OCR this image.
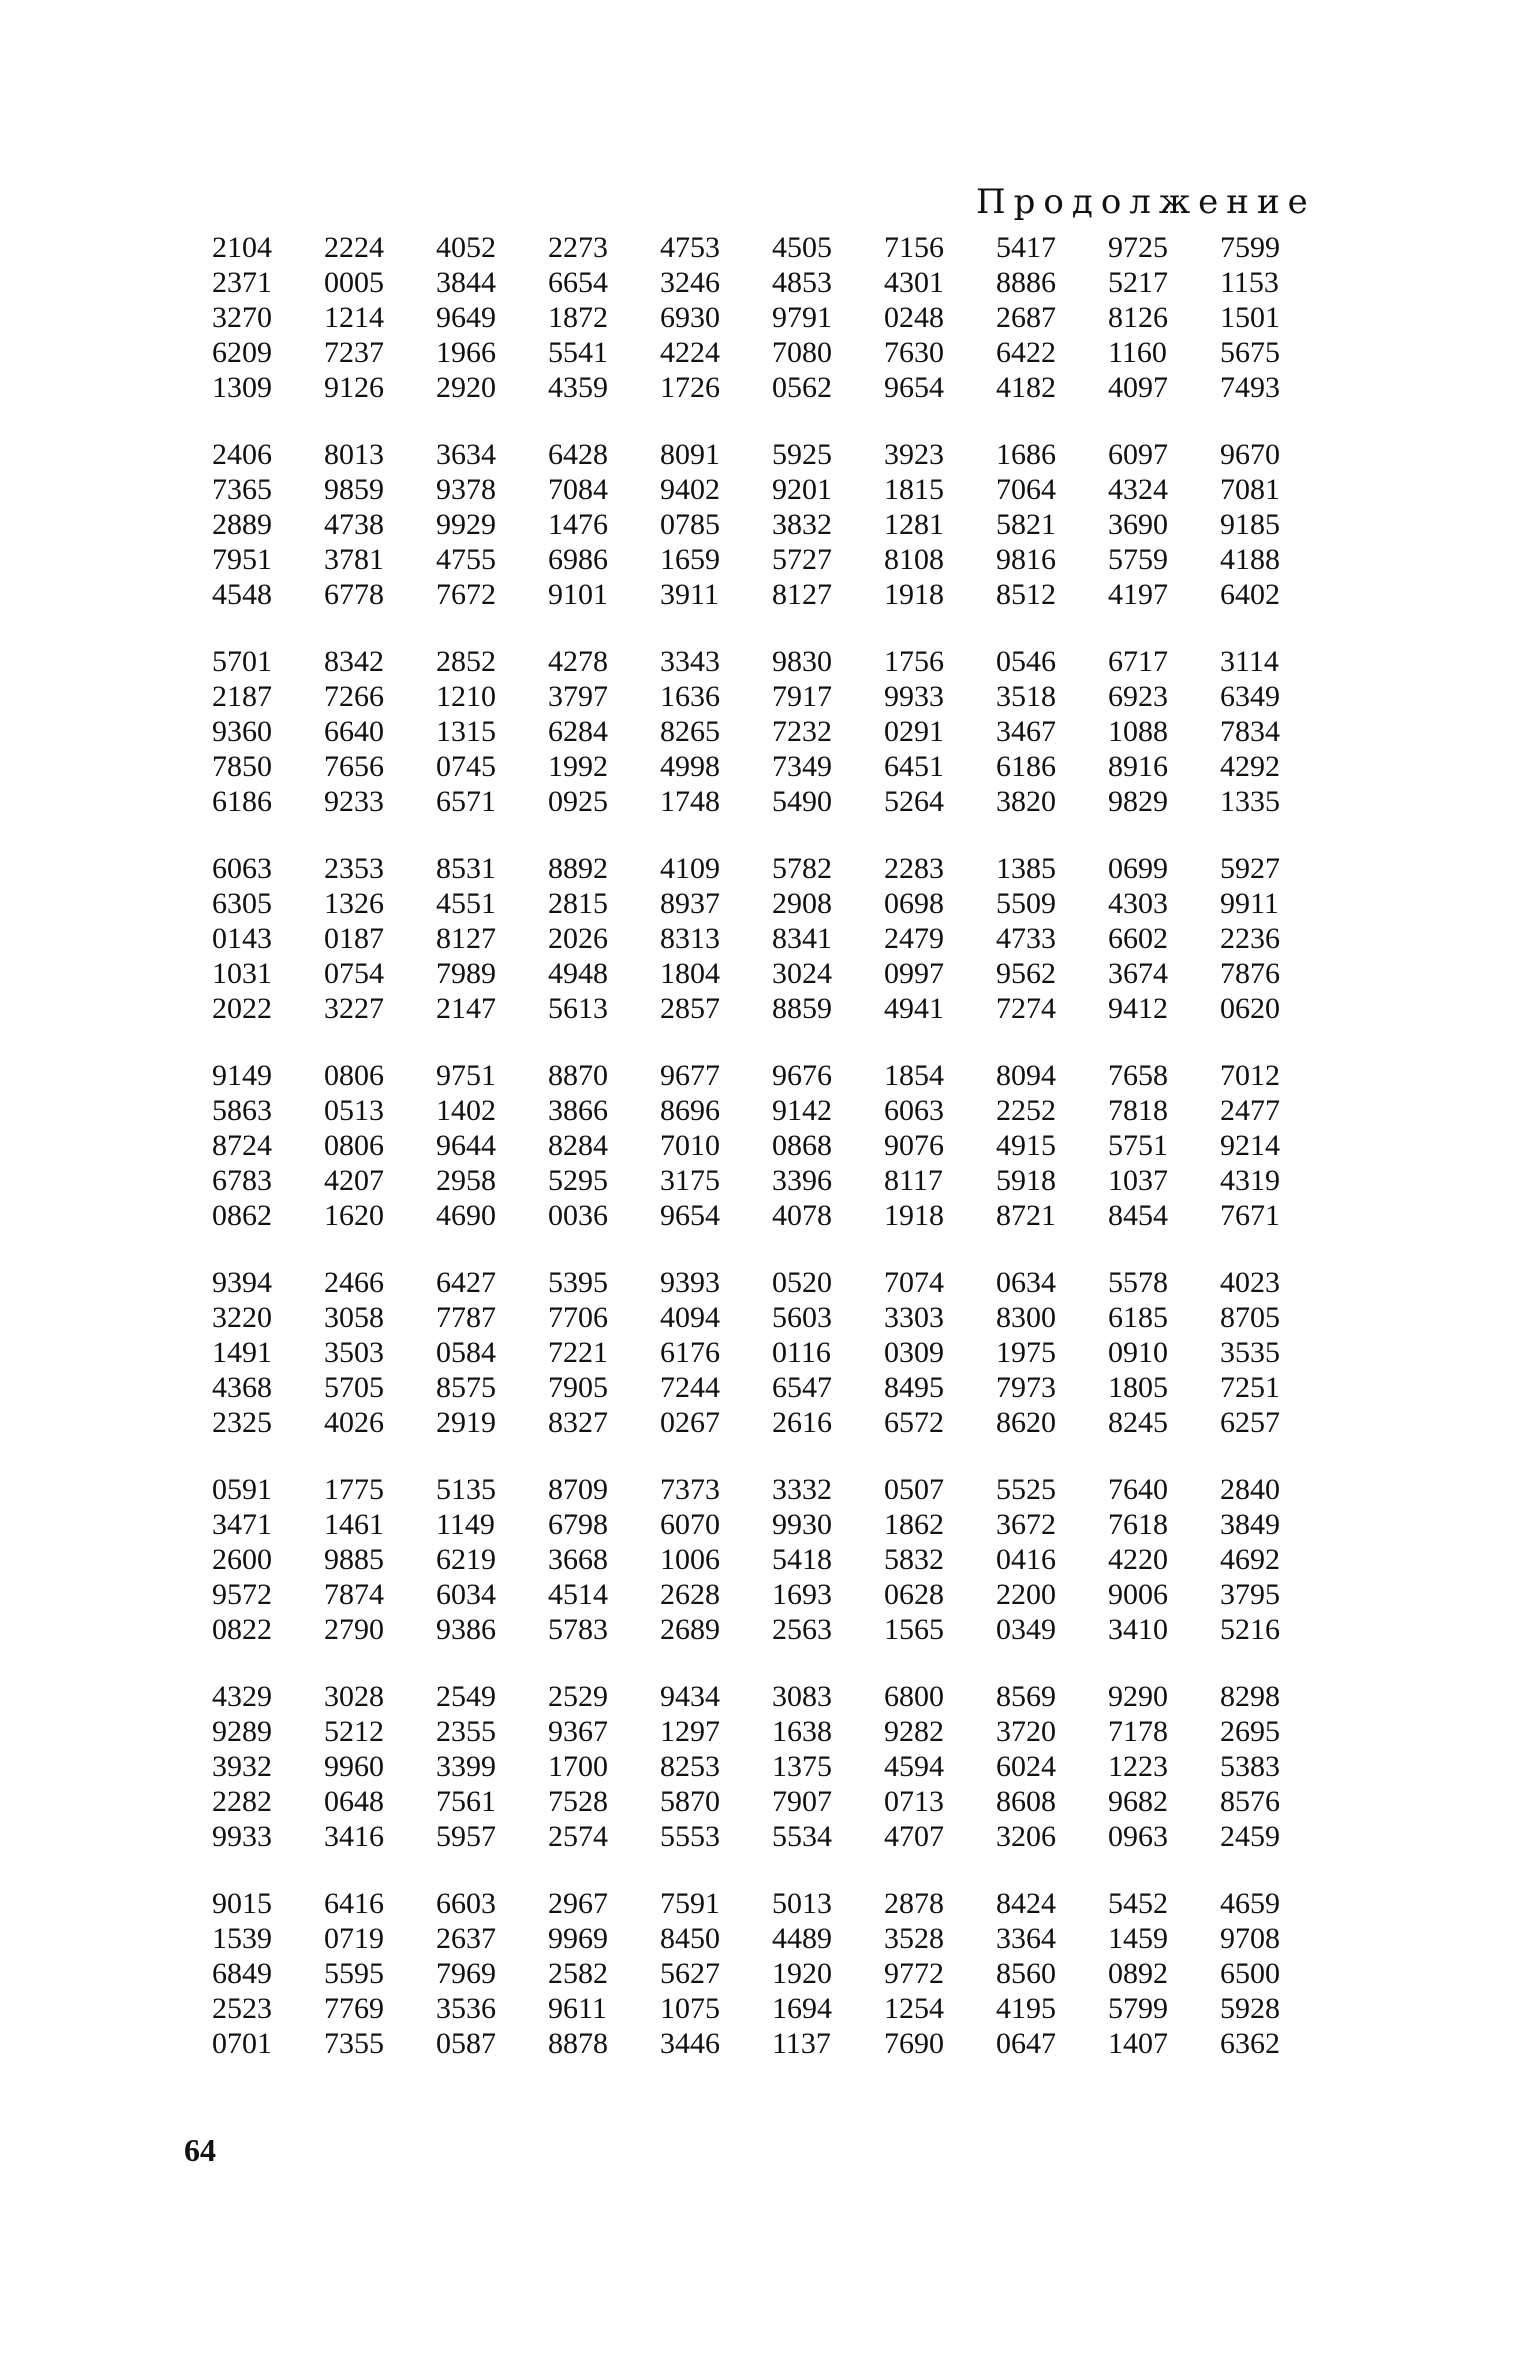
Продолжение
2104	2224	4052	2273	4753	4505	7156	5417	9725	7599
2371	0005	3844	6654	3246	4853	4301	8886	5217	1153
3270	1214	9649	1872	6930	9791	0248	2687	8126	1501
6209	7237	1966	5541	4224	7080	7630	6422	1160	5675
1309	9126	2920	4359	1726	0562	9654	4182	4097	7493
2406	8013	3634	6428	8091	5925	3923	1686	6097	9670
7365	9859	9378	7084	9402	9201	1815	7064	4324	7081
2889	4738	9929	1476	0785	3832	1281	5821	3690	9185
7951	3781	4755	6986	1659	5727	8108	9816	5759	4188
4548	6778	7672	9101	3911	8127	1918	8512	4197	6402
5701	8342	2852	4278	3343	9830	1756	0546	6717	3114
2187	7266	1210	3797	1636	7917	9933	3518	6923	6349
9360	6640	1315	6284	8265	7232	0291	3467	1088	7834
7850	7656	0745	1992	4998	7349	6451	6186	8916	4292
6186	9233	6571	0925	1748	5490	5264	3820	9829	1335
6063	2353	8531	8892	4109	5782	2283	1385	0699	5927
6305	1326	4551	2815	8937	2908	0698	5509	4303	9911
0143	0187	8127	2026	8313	8341	2479	4733	6602	2236
1031	0754	7989	4948	1804	3024	0997	9562	3674	7876
2022	3227	2147	5613	2857	8859	4941	7274	9412	0620
9149	0806	9751	8870	9677	9676	1854	8094	7658	7012
5863	0513	1402	3866	8696	9142	6063	2252	7818	2477
8724	0806	9644	8284	7010	0868	9076	4915	5751	9214
6783	4207	2958	5295	3175	3396	8117	5918	1037	4319
0862	1620	4690	0036	9654	4078	1918	8721	8454	7671
9394	2466	6427	5395	9393	0520	7074	0634	5578	4023
3220	3058	7787	7706	4094	5603	3303	8300	6185	8705
1491	3503	0584	7221	6176	0116	0309	1975	0910	3535
4368	5705	8575	7905	7244	6547	8495	7973	1805	7251
2325	4026	2919	8327	0267	2616	6572	8620	8245	6257
0591	1775	5135	8709	7373	3332	0507	5525	7640	2840
3471	1461	1149	6798	6070	9930	1862	3672	7618	3849
2600	9885	6219	3668	1006	5418	5832	0416	4220	4692
9572	7874	6034	4514	2628	1693	0628	2200	9006	3795
0822	2790	9386	5783	2689	2563	1565	0349	3410	5216
4329	3028	2549	2529	9434	3083	6800	8569	9290	8298
9289	5212	2355	9367	1297	1638	9282	3720	7178	2695
3932	9960	3399	1700	8253	1375	4594	6024	1223	5383
2282	0648	7561	7528	5870	7907	0713	8608	9682	8576
9933	3416	5957	2574	5553	5534	4707	3206	0963	2459
9015	6416	6603	2967	7591	5013	2878	8424	5452	4659
1539	0719	2637	9969	8450	4489	3528	3364	1459	9708
6849	5595	7969	2582	5627	1920	9772	8560	0892	6500
2523	7769	3536	9611	1075	1694	1254	4195	5799	5928
0701	7355	0587	8878	3446	1137	7690	0647	1407	6362
64
